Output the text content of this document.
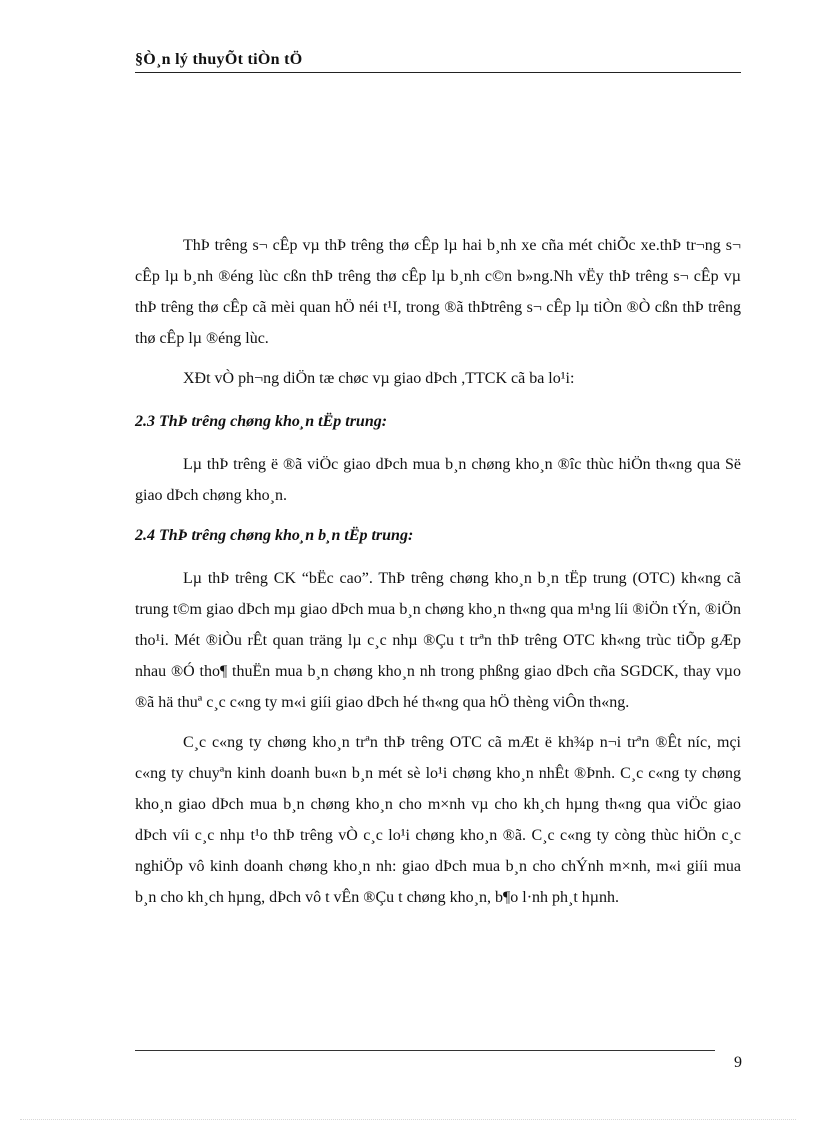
§Ò¸n lý thuyÕt tiÒn tÖ

ThÞ trêng s¬ cÊp vµ thÞ trêng thø cÊp lµ hai b¸nh xe cña mét chiÕc xe.thÞ tr¬ng s¬ cÊp lµ b¸nh ®éng lùc cßn thÞ trêng thø cÊp lµ b¸nh c©n b»ng.Nh vËy thÞ trêng s¬ cÊp vµ thÞ trêng thø cÊp cã mèi quan hÖ néi t¹I, trong ®ã thÞtrêng s¬ cÊp lµ tiÒn ®Ò cßn thÞ trêng thø cÊp lµ ®éng lùc.

XÐt vÒ ph¬ng diÖn tæ chøc vµ giao dÞch ,TTCK cã ba lo¹i:

2.3 ThÞ trêng chøng kho¸n tËp trung:

Lµ thÞ trêng ë ®ã viÖc giao dÞch mua b¸n chøng kho¸n ®îc thùc hiÖn th«ng qua Së giao dÞch chøng kho¸n.

2.4 ThÞ trêng chøng kho¸n b¸n tËp trung:

Lµ thÞ trêng CK “bËc cao”. ThÞ trêng chøng kho¸n b¸n tËp trung (OTC) kh«ng cã trung t©m giao dÞch mµ giao dÞch mua b¸n chøng kho¸n th«ng qua m¹ng líi ®iÖn tÝn, ®iÖn tho¹i. Mét ®iÒu rÊt quan träng lµ c¸c nhµ ®Çu t trªn thÞ trêng OTC kh«ng trùc tiÕp gÆp nhau ®Ó tho¶ thuËn mua b¸n chøng kho¸n nh trong phßng giao dÞch cña SGDCK, thay vµo ®ã hä thuª c¸c c«ng ty m«i giíi giao dÞch hé th«ng qua hÖ thèng viÔn th«ng.

C¸c c«ng ty chøng kho¸n trªn thÞ trêng OTC cã mÆt ë kh¾p n¬i trªn ®Êt níc, mçi c«ng ty chuyªn kinh doanh bu«n b¸n mét sè lo¹i chøng kho¸n nhÊt ®Þnh. C¸c c«ng ty chøng kho¸n giao dÞch mua b¸n chøng kho¸n cho m×nh vµ cho kh¸ch hµng th«ng qua viÖc giao dÞch víi c¸c nhµ t¹o thÞ trêng vÒ c¸c lo¹i chøng kho¸n ®ã. C¸c c«ng ty còng thùc hiÖn c¸c nghiÖp vô kinh doanh chøng kho¸n nh: giao dÞch mua b¸n cho chÝnh m×nh, m«i giíi mua b¸n cho kh¸ch hµng, dÞch vô t vÊn ®Çu t chøng kho¸n, b¶o l·nh ph¸t hµnh.

9
